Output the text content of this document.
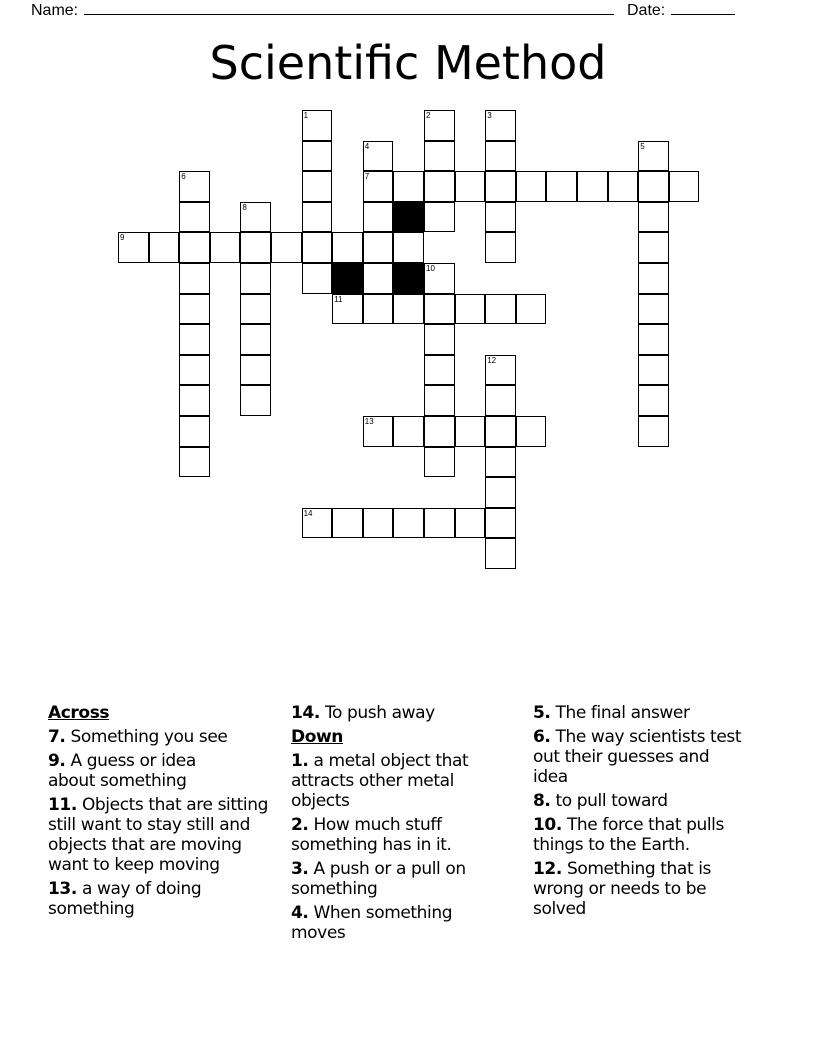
Name:	Date:
Scientific Method
1	2	3
4
7
5
6
8
9
10
11
12
13
14
Across
7. Something you see
9. A guess or idea about something
11. Objects that are sitting still want to stay still and objects that are moving want to keep moving
13. a way of doing something
14. To push away
Down
1. a metal object that attracts other metal objects
2. How much stuff something has in it.
3. A push or a pull on something
4. When something moves
5. The final answer
6. The way scientists test out their guesses and idea
8. to pull toward
10. The force that pulls things to the Earth.
12. Something that is wrong or needs to be solved
